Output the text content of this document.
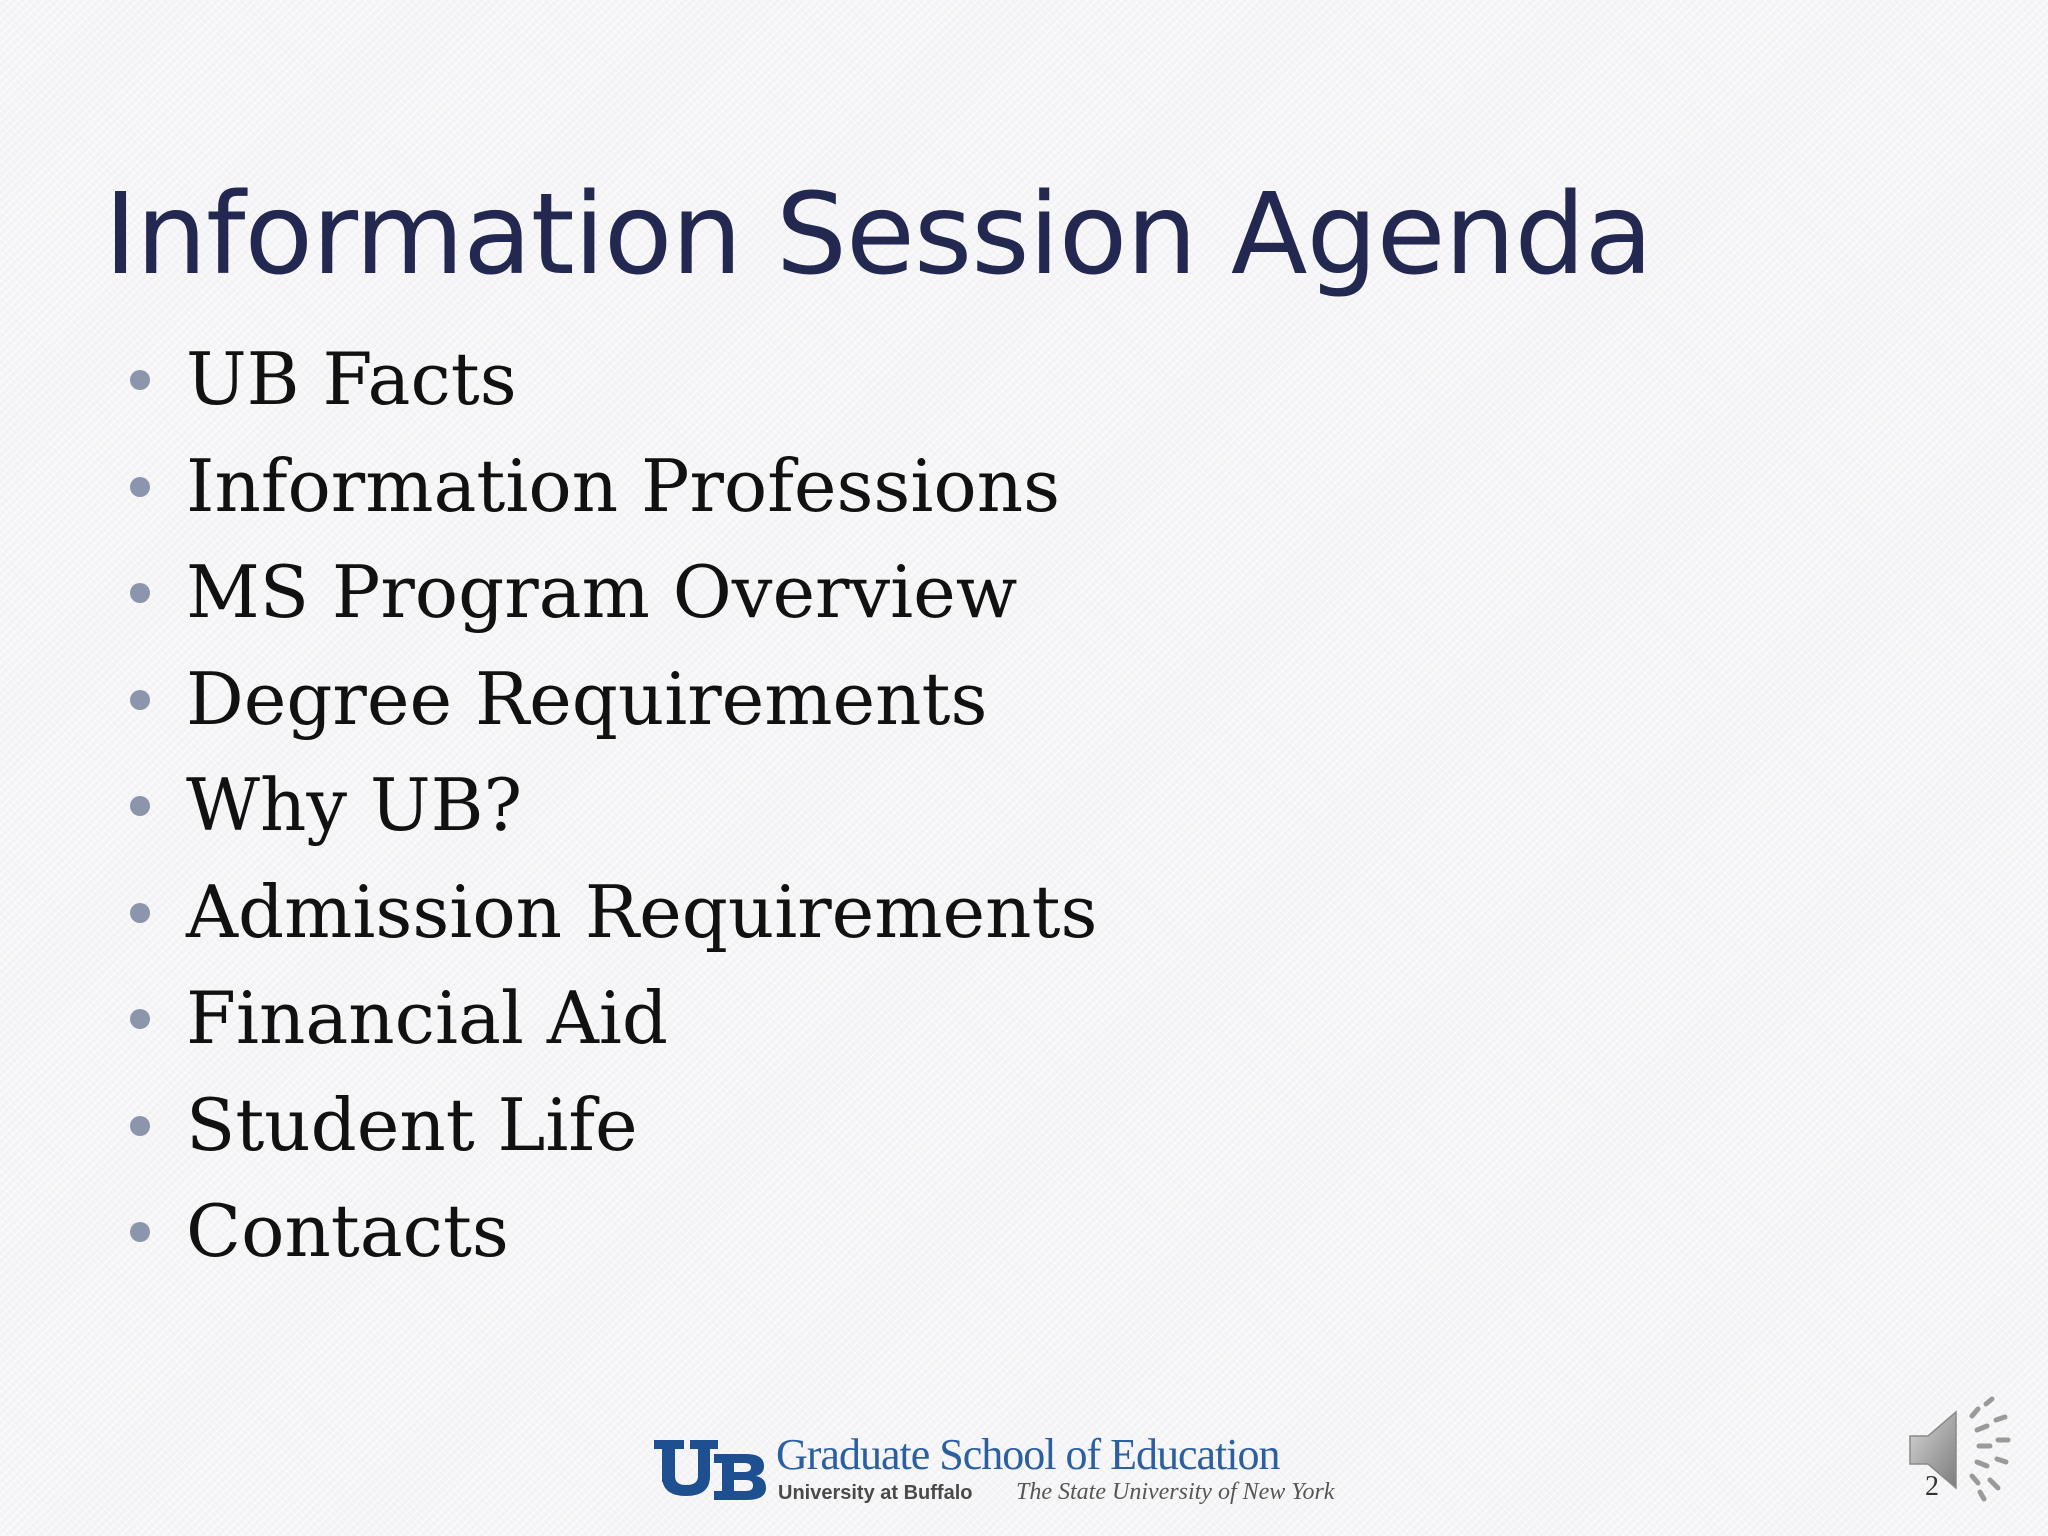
Information Session Agenda
UB Facts
Information Professions
MS Program Overview
Degree Requirements
Why UB?
Admission Requirements
Financial Aid
Student Life
Contacts
Graduate School of Education
University at Buffalo The State University of New York	2
